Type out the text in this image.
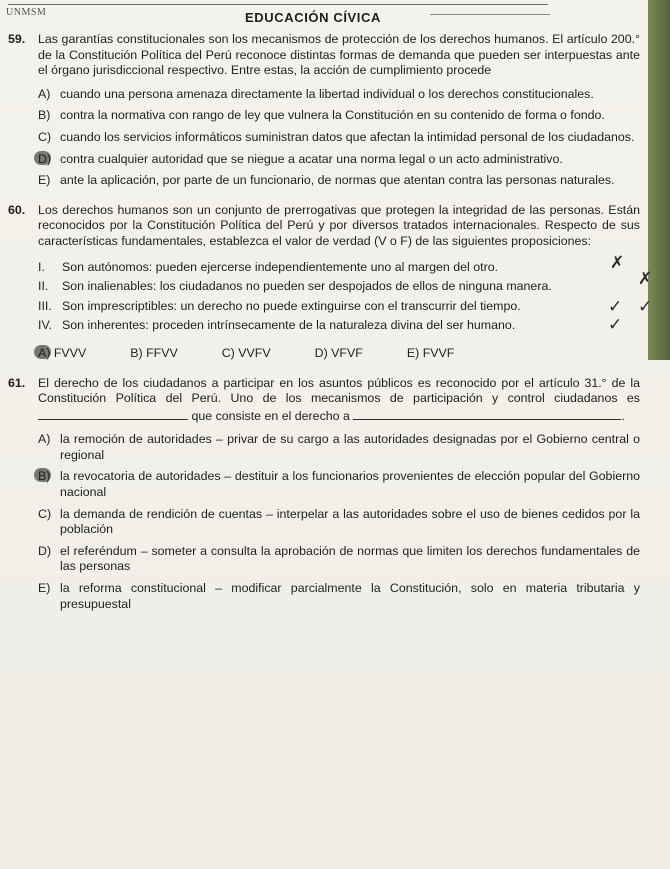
UNMSM	EDUCACIÓN CÍVICA
59.	Las garantías constitucionales son los mecanismos de protección de los derechos humanos. El artículo 200.° de la Constitución Política del Perú reconoce distintas formas de demanda que pueden ser interpuestas ante el órgano jurisdiccional respectivo. Entre estas, la acción de cumplimiento procede
A) cuando una persona amenaza directamente la libertad individual o los derechos constitucionales.
B) contra la normativa con rango de ley que vulnera la Constitución en su contenido de forma o fondo.
C) cuando los servicios informáticos suministran datos que afectan la intimidad personal de los ciudadanos.
D) contra cualquier autoridad que se niegue a acatar una norma legal o un acto administrativo.
E) ante la aplicación, por parte de un funcionario, de normas que atentan contra las personas naturales.
60.	Los derechos humanos son un conjunto de prerrogativas que protegen la integridad de las personas. Están reconocidos por la Constitución Política del Perú y por diversos tratados internacionales. Respecto de sus características fundamentales, establezca el valor de verdad (V o F) de las siguientes proposiciones:
I.	Son autónomos: pueden ejercerse independientemente uno al margen del otro.
II.	Son inalienables: los ciudadanos no pueden ser despojados de ellos de ninguna manera.
III. Son imprescriptibles: un derecho no puede extinguirse con el transcurrir del tiempo.
IV. Son inherentes: proceden intrínsecamente de la naturaleza divina del ser humano.
✗
✗
✓ ✓
✓
A) FVVV	B) FFVV	C) VVFV	D) VFVF	E) FVVF
61.	El derecho de los ciudadanos a participar en los asuntos públicos es reconocido por el artículo 31.° de la Constitución Política del Perú. Uno de los mecanismos de participación y control ciudadanos es  que consiste en el derecho a	.
A) la remoción de autoridades – privar de su cargo a las autoridades designadas por el Gobierno central o regional
B) la revocatoria de autoridades – destituir a los funcionarios provenientes de elección popular del Gobierno nacional
C) la demanda de rendición de cuentas – interpelar a las autoridades sobre el uso de bienes cedidos por la población
D) el referéndum – someter a consulta la aprobación de normas que limiten los derechos fundamentales de las personas
E) la reforma constitucional – modificar parcialmente la Constitución, solo en materia tributaria y presupuestal
